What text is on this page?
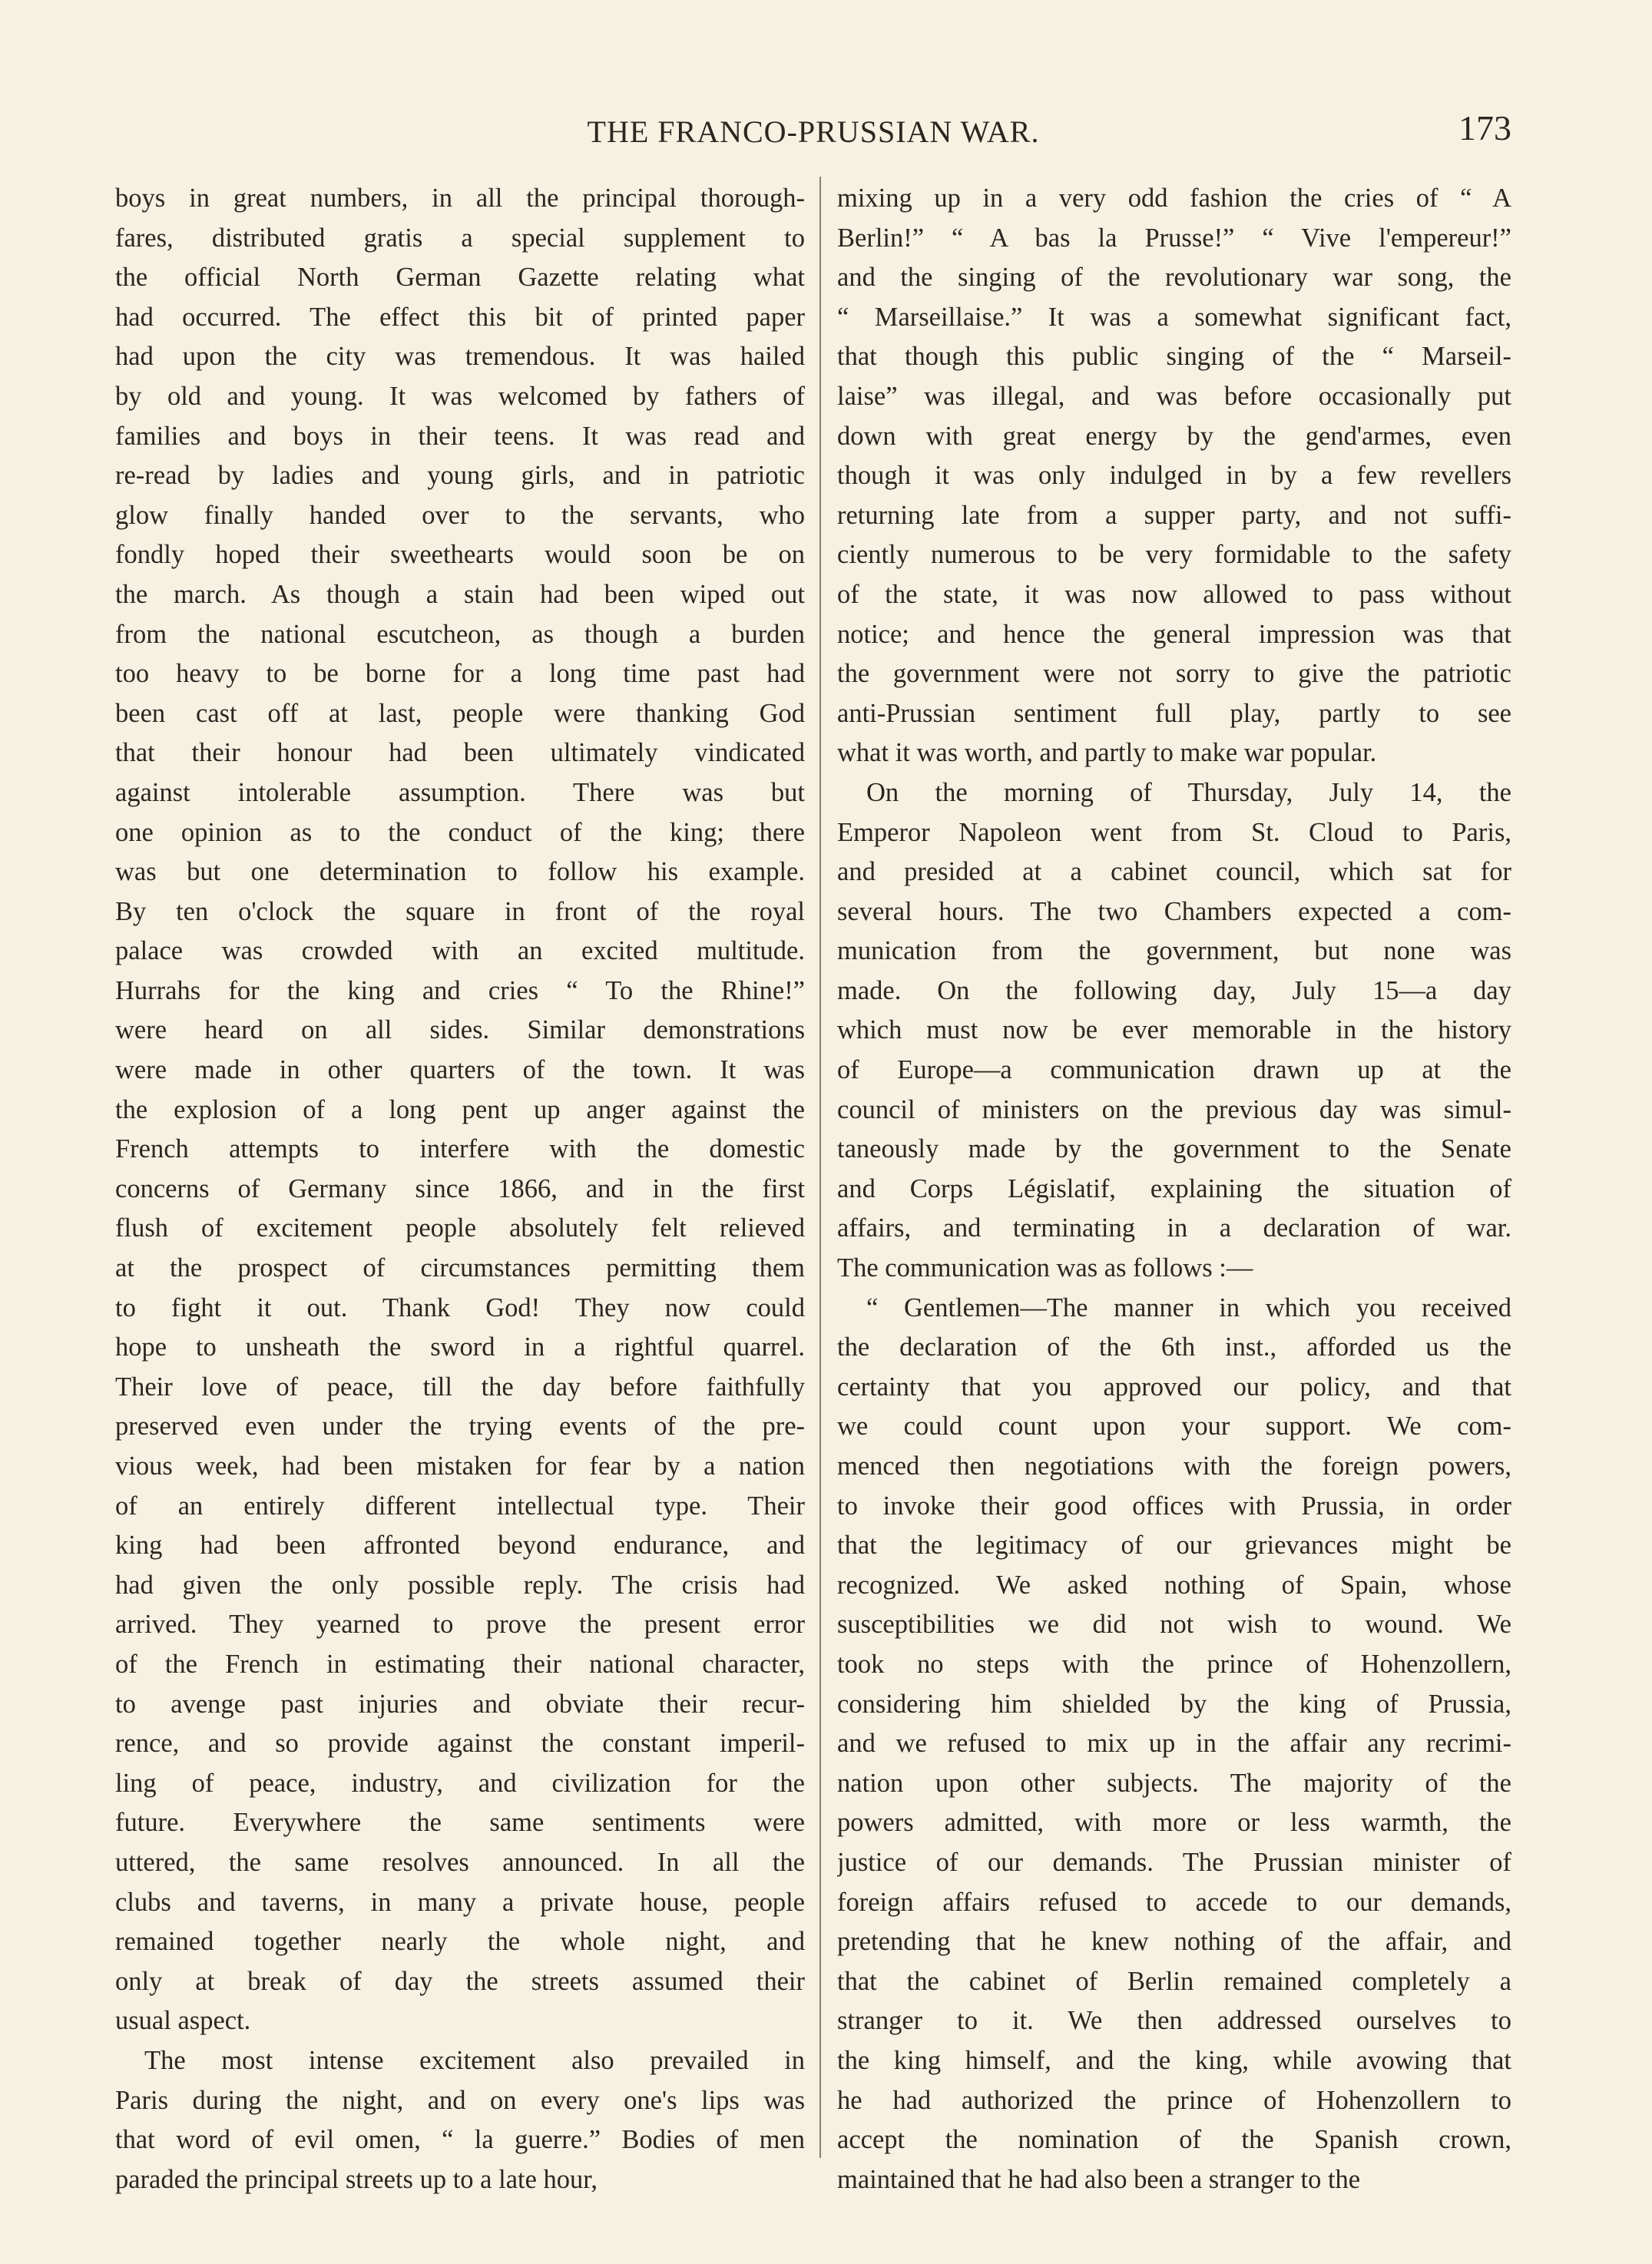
THE FRANCO-PRUSSIAN WAR.	173
boys in great numbers, in all the principal thorough-
fares, distributed gratis a special supplement to
the official North German Gazette relating what
had occurred. The effect this bit of printed paper
had upon the city was tremendous. It was hailed
by old and young. It was welcomed by fathers of
families and boys in their teens. It was read and
re-read by ladies and young girls, and in patriotic
glow finally handed over to the servants, who
fondly hoped their sweethearts would soon be on
the march. As though a stain had been wiped out
from the national escutcheon, as though a burden
too heavy to be borne for a long time past had
been cast off at last, people were thanking God
that their honour had been ultimately vindicated
against intolerable assumption. There was but
one opinion as to the conduct of the king; there
was but one determination to follow his example.
By ten o'clock the square in front of the royal
palace was crowded with an excited multitude.
Hurrahs for the king and cries “ To the Rhine!”
were heard on all sides. Similar demonstrations
were made in other quarters of the town. It was
the explosion of a long pent up anger against the
French attempts to interfere with the domestic
concerns of Germany since 1866, and in the first
flush of excitement people absolutely felt relieved
at the prospect of circumstances permitting them
to fight it out. Thank God! They now could
hope to unsheath the sword in a rightful quarrel.
Their love of peace, till the day before faithfully
preserved even under the trying events of the pre-
vious week, had been mistaken for fear by a nation
of an entirely different intellectual type. Their
king had been affronted beyond endurance, and
had given the only possible reply. The crisis had
arrived. They yearned to prove the present error
of the French in estimating their national character,
to avenge past injuries and obviate their recur-
rence, and so provide against the constant imperil-
ling of peace, industry, and civilization for the
future. Everywhere the same sentiments were
uttered, the same resolves announced. In all the
clubs and taverns, in many a private house, people
remained together nearly the whole night, and
only at break of day the streets assumed their
usual aspect.
The most intense excitement also prevailed in
Paris during the night, and on every one's lips was
that word of evil omen, “ la guerre.” Bodies of men
paraded the principal streets up to a late hour,
mixing up in a very odd fashion the cries of “ A
Berlin!” “ A bas la Prusse!” “ Vive l'empereur!”
and the singing of the revolutionary war song, the
“ Marseillaise.” It was a somewhat significant fact,
that though this public singing of the “ Marseil-
laise” was illegal, and was before occasionally put
down with great energy by the gend'armes, even
though it was only indulged in by a few revellers
returning late from a supper party, and not suffi-
ciently numerous to be very formidable to the safety
of the state, it was now allowed to pass without
notice; and hence the general impression was that
the government were not sorry to give the patriotic
anti-Prussian sentiment full play, partly to see
what it was worth, and partly to make war popular.
On the morning of Thursday, July 14, the
Emperor Napoleon went from St. Cloud to Paris,
and presided at a cabinet council, which sat for
several hours. The two Chambers expected a com-
munication from the government, but none was
made. On the following day, July 15—a day
which must now be ever memorable in the history
of Europe—a communication drawn up at the
council of ministers on the previous day was simul-
taneously made by the government to the Senate
and Corps Législatif, explaining the situation of
affairs, and terminating in a declaration of war.
The communication was as follows :—
“ Gentlemen—The manner in which you received
the declaration of the 6th inst., afforded us the
certainty that you approved our policy, and that
we could count upon your support. We com-
menced then negotiations with the foreign powers,
to invoke their good offices with Prussia, in order
that the legitimacy of our grievances might be
recognized. We asked nothing of Spain, whose
susceptibilities we did not wish to wound. We
took no steps with the prince of Hohenzollern,
considering him shielded by the king of Prussia,
and we refused to mix up in the affair any recrimi-
nation upon other subjects. The majority of the
powers admitted, with more or less warmth, the
justice of our demands. The Prussian minister of
foreign affairs refused to accede to our demands,
pretending that he knew nothing of the affair, and
that the cabinet of Berlin remained completely a
stranger to it. We then addressed ourselves to
the king himself, and the king, while avowing that
he had authorized the prince of Hohenzollern to
accept the nomination of the Spanish crown,
maintained that he had also been a stranger to the
